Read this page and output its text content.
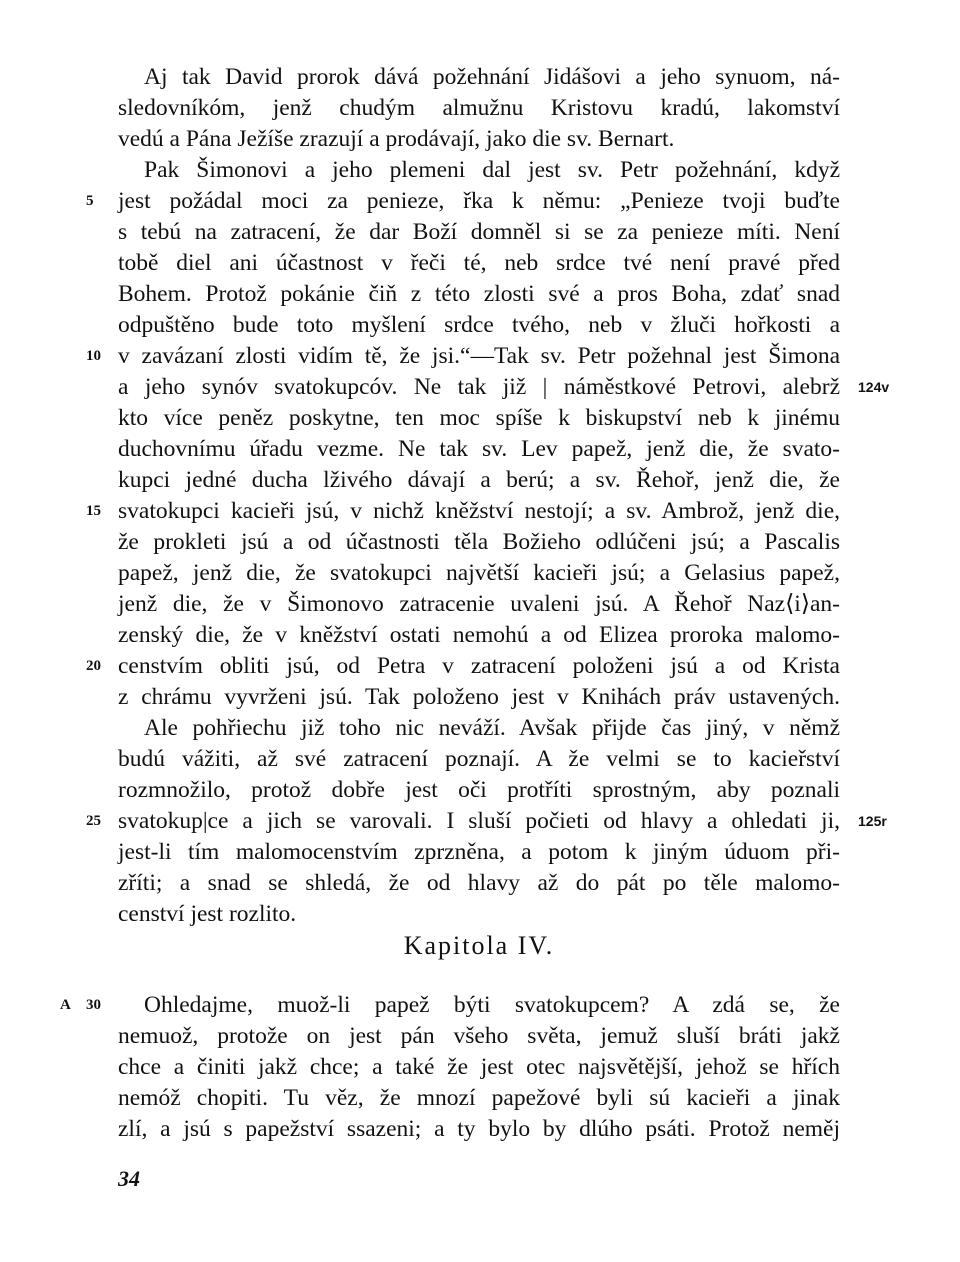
Aj tak David prorok dává požehnání Jidášovi a jeho synuom, ná-
sledovníkóm, jenž chudým almužnu Kristovu kradú, lakomství
vedú a Pána Ježíše zrazují a prodávají, jako die sv. Bernart.
Pak Šimonovi a jeho plemeni dal jest sv. Petr požehnání, když
jest požádal moci za penieze, řka k němu: „Penieze tvoji buďte
s tebú na zatracení, že dar Boží domněl si se za penieze míti. Není
tobě diel ani účastnost v řeči té, neb srdce tvé není pravé před
Bohem. Protož pokánie čiň z této zlosti své a pros Boha, zdať snad
odpuštěno bude toto myšlení srdce tvého, neb v žluči hořkosti a
v zavázaní zlosti vidím tě, že jsi.“—Tak sv. Petr požehnal jest Šimona
a jeho synóv svatokupcóv. Ne tak již | náměstkové Petrovi, alebrž
kto více peněz poskytne, ten moc spíše k biskupství neb k jinému
duchovnímu úřadu vezme. Ne tak sv. Lev papež, jenž die, že svato-
kupci jedné ducha lživého dávají a berú; a sv. Řehoř, jenž die, že
svatokupci kacieři jsú, v nichž kněžství nestojí; a sv. Ambrož, jenž die,
že prokleti jsú a od účastnosti těla Božieho odlúčeni jsú; a Pascalis
papež, jenž die, že svatokupci najvětší kacieři jsú; a Gelasius papež,
jenž die, že v Šimonovo zatracenie uvaleni jsú. A Řehoř Naz⟨i⟩an-
zenský die, že v kněžství ostati nemohú a od Elizea proroka malomo-
censtvím obliti jsú, od Petra v zatracení položeni jsú a od Krista
z chrámu vyvrženi jsú. Tak položeno jest v Knihách práv ustavených.
Ale pohřiechu již toho nic neváží. Avšak přijde čas jiný, v němž
budú vážiti, až své zatracení poznají. A že velmi se to kacieřství
rozmnožilo, protož dobře jest oči protříti sprostným, aby poznali
svatokup|ce a jich se varovali. I sluší počieti od hlavy a ohledati ji,
jest-li tím malomocenstvím zprzněna, a potom k jiným úduom při-
zříti; a snad se shledá, že od hlavy až do pát po těle malomo-
cenství jest rozlito.
Kapitola IV.
Ohledajme, muož-li papež býti svatokupcem? A zdá se, že
nemuož, protože on jest pán všeho světa, jemuž sluší bráti jakž
chce a činiti jakž chce; a také že jest otec najsvětější, jehož se hřích
nemóž chopiti. Tu věz, že mnozí papežové byli sú kacieři a jinak
zlí, a jsú s papežství ssazeni; a ty bylo by dlúho psáti. Protož neměj
5
10
15
20
25
30
A
124v
125r
34
